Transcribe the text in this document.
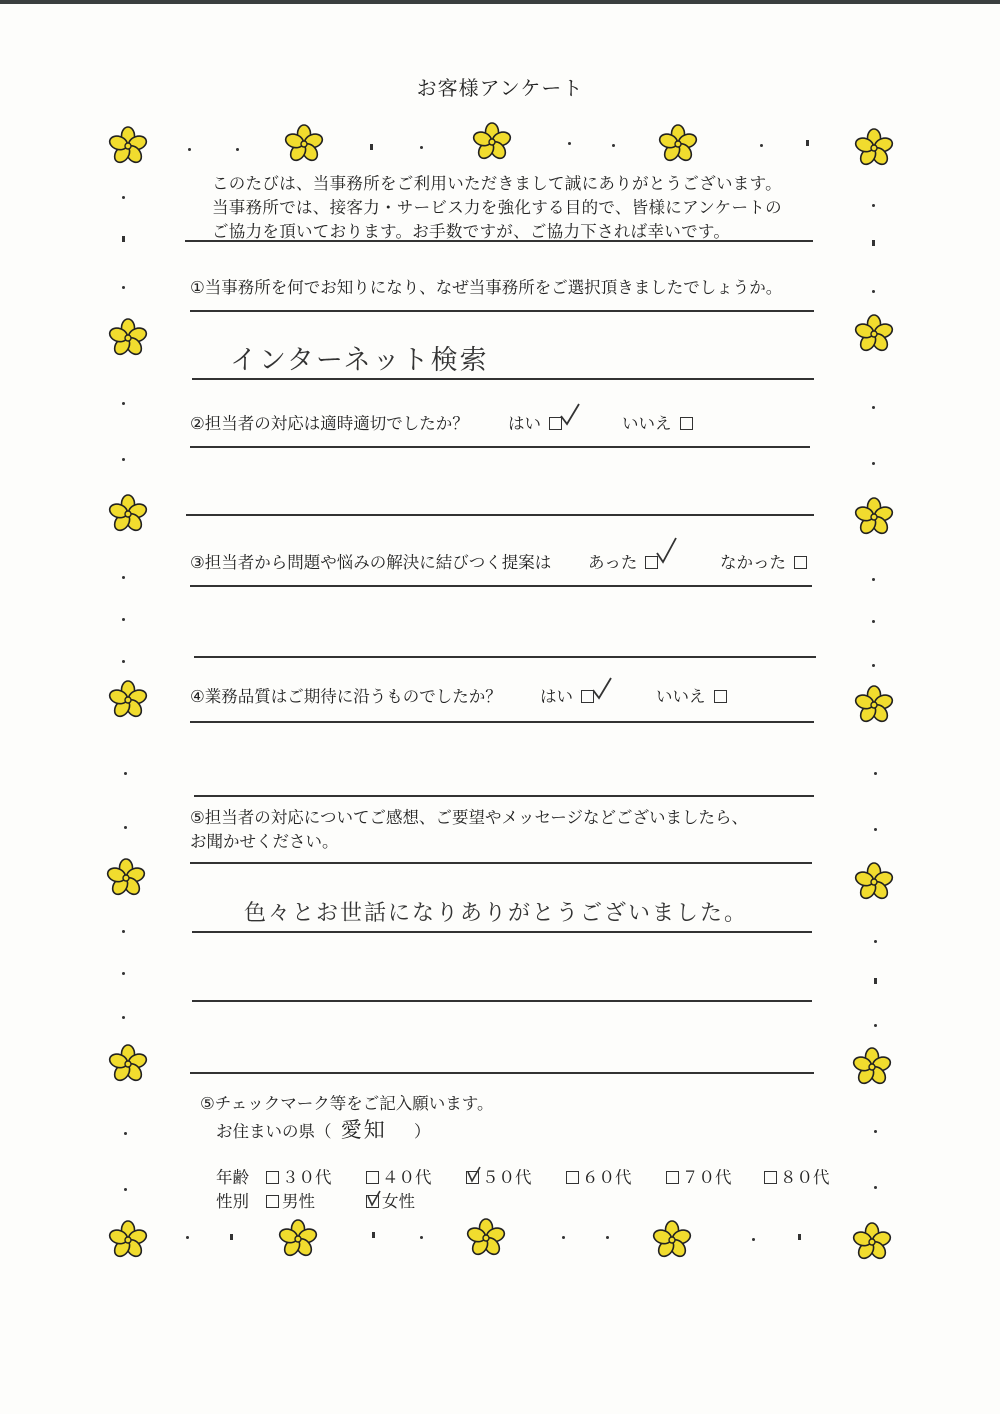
お客様アンケート
このたびは、当事務所をご利用いただきまして誠にありがとうございます。
当事務所では、接客力・サービス力を強化する目的で、皆様にアンケートの
ご協力を頂いております。お手数ですが、ご協力下されば幸いです。
①当事務所を何でお知りになり、なぜ当事務所をご選択頂きましたでしょうか。
インターネット検索
②担当者の対応は適時適切でしたか？ はい	いいえ
③担当者から問題や悩みの解決に結びつく提案は あった	なかった
④業務品質はご期待に沿うものでしたか？ はい	いいえ
⑤担当者の対応についてご感想、ご要望やメッセージなどございましたら、
お聞かせください。
色々とお世話になりありがとうございました。
⑤チェックマーク等をご記入願います。
お住まいの県（ 愛知 ）
年齢	３０代	４０代	５０代	６０代	７０代	８０代
性別	男性	女性
